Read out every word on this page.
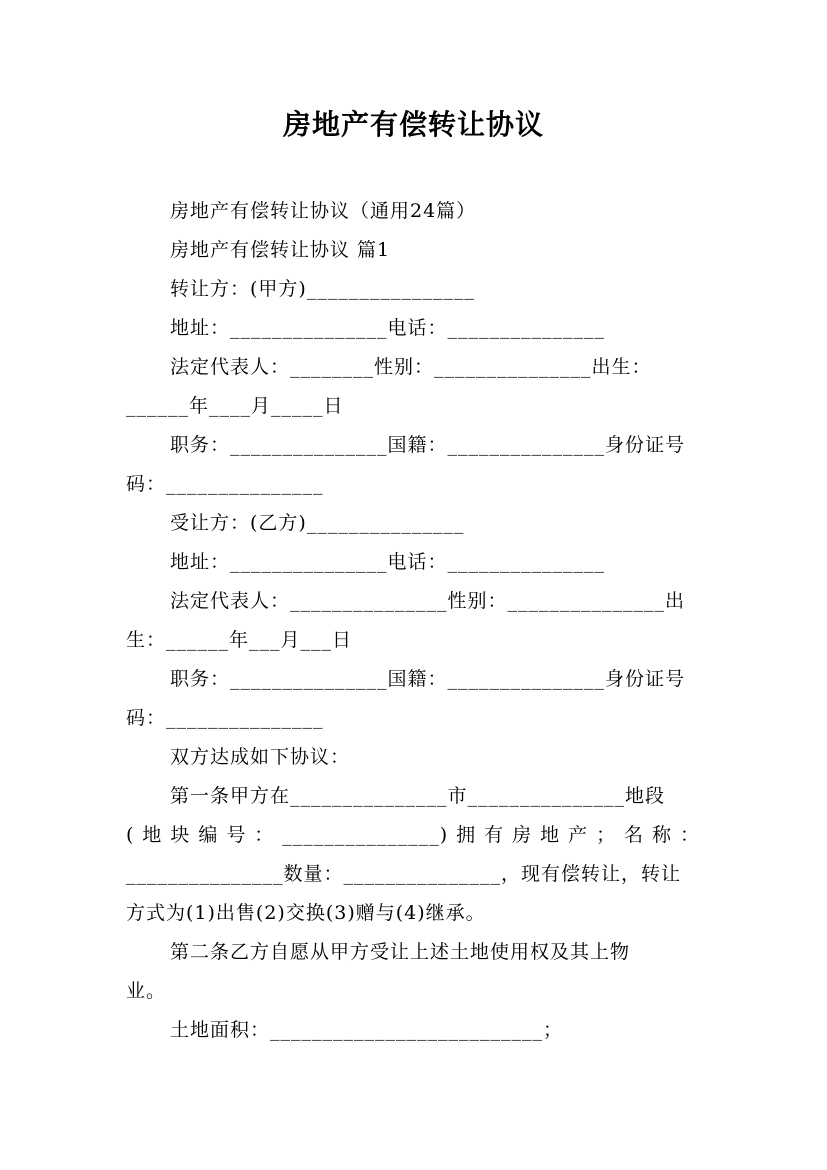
房地产有偿转让协议
房地产有偿转让协议（通用24篇）
房地产有偿转让协议 篇1
转让方：(甲方)________________
地址：_______________电话：_______________
法定代表人：________性别：_______________出生：
______年____月_____日
职务：_______________国籍：_______________身份证号
码：_______________
受让方：(乙方)_______________
地址：_______________电话：_______________
法定代表人：_______________性别：_______________出
生：______年___月___日
职务：_______________国籍：_______________身份证号
码：_______________
双方达成如下协议：
第一条甲方在_______________市_______________地段
(地块编号：_______________)拥有房地产；名称：
_______________数量：_______________，现有偿转让，转让
方式为(1)出售(2)交换(3)赠与(4)继承。
第二条乙方自愿从甲方受让上述土地使用权及其上物
业。
土地面积：__________________________；
